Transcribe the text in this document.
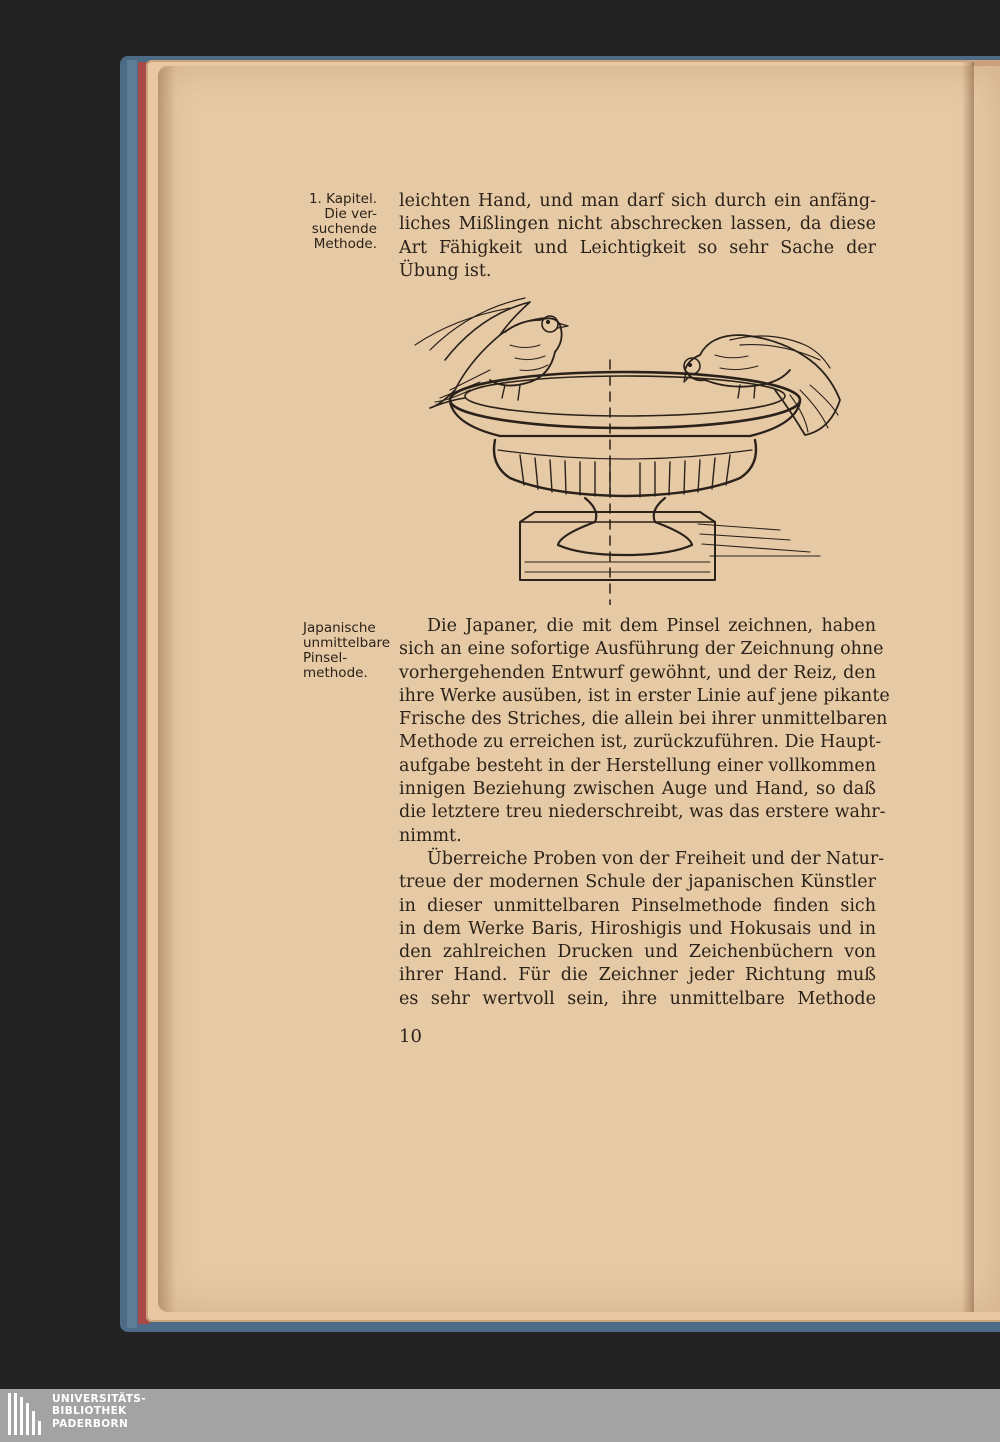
1. Kapitel.
Die ver-
suchende
Methode.
Japanische
unmittelbare
Pinsel-
methode.
leichten Hand, und man darf sich durch ein anfäng-
liches Mißlingen nicht abschrecken lassen, da diese
Art Fähigkeit und Leichtigkeit so sehr Sache der
Übung ist.
Die Japaner, die mit dem Pinsel zeichnen, haben
sich an eine sofortige Ausführung der Zeichnung ohne
vorhergehenden Entwurf gewöhnt, und der Reiz, den
ihre Werke ausüben, ist in erster Linie auf jene pikante
Frische des Striches, die allein bei ihrer unmittelbaren
Methode zu erreichen ist, zurückzuführen. Die Haupt-
aufgabe besteht in der Herstellung einer vollkommen
innigen Beziehung zwischen Auge und Hand, so daß
die letztere treu niederschreibt, was das erstere wahr-
nimmt.
Überreiche Proben von der Freiheit und der Natur-
treue der modernen Schule der japanischen Künstler
in dieser unmittelbaren Pinselmethode finden sich
in dem Werke Baris, Hiroshigis und Hokusais und in
den zahlreichen Drucken und Zeichenbüchern von
ihrer Hand. Für die Zeichner jeder Richtung muß
es sehr wertvoll sein, ihre unmittelbare Methode
10
UNIVERSITÄTS-
BIBLIOTHEK
PADERBORN
